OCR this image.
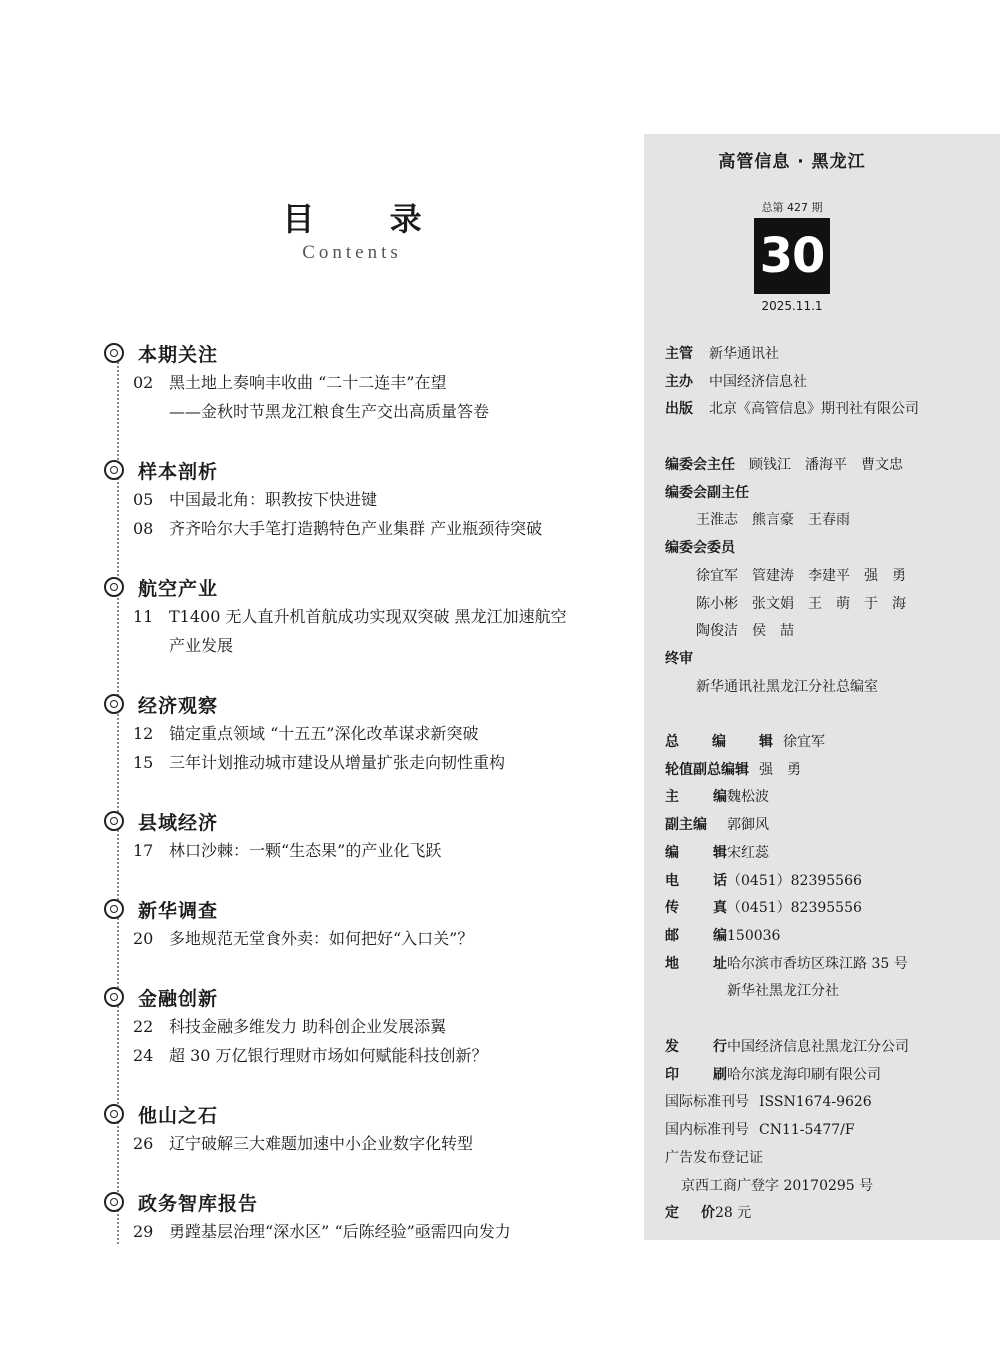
目 录
Contents
本期关注
02 黑土地上奏响丰收曲 “二十二连丰”在望
——金秋时节黑龙江粮食生产交出高质量答卷
样本剖析
05 中国最北角：职教按下快进键
08 齐齐哈尔大手笔打造鹅特色产业集群 产业瓶颈待突破
航空产业
11 T1400 无人直升机首航成功实现双突破 黑龙江加速航空
产业发展
经济观察
12 锚定重点领域 “十五五”深化改革谋求新突破
15 三年计划推动城市建设从增量扩张走向韧性重构
县域经济
17 林口沙棘：一颗“生态果”的产业化飞跃
新华调查
20 多地规范无堂食外卖：如何把好“入口关”？
金融创新
22 科技金融多维发力 助科创企业发展添翼
24 超 30 万亿银行理财市场如何赋能科技创新？
他山之石
26 辽宁破解三大难题加速中小企业数字化转型
政务智库报告
29 勇蹚基层治理“深水区” “后陈经验”亟需四向发力
高管信息 · 黑龙江
总第 427 期
30
2025.11.1
主管 新华通讯社
主办 中国经济信息社
出版 北京《高管信息》期刊社有限公司
编委会主任 顾钱江 潘海平 曹文忠
编委会副主任
王淮志 熊言豪 王春雨
编委会委员
徐宜军 管建涛 李建平 强　勇
陈小彬 张文娟 王　萌 于　海
陶俊洁 侯　喆
终审
新华通讯社黑龙江分社总编室
总 编 辑 徐宜军
轮值副总编辑 强　勇
主 编 魏松波
副主编	郭御风
编 辑 宋红蕊
电 话 （0451）82395566
传 真 （0451）82395556
邮 编 150036
地 址 哈尔滨市香坊区珠江路 35 号
新华社黑龙江分社
发 行 中国经济信息社黑龙江分公司
印 刷 哈尔滨龙海印刷有限公司
国际标准刊号 ISSN1674-9626
国内标准刊号 CN11-5477/F
广告发布登记证
京西工商广登字 20170295 号
定 价 28 元
